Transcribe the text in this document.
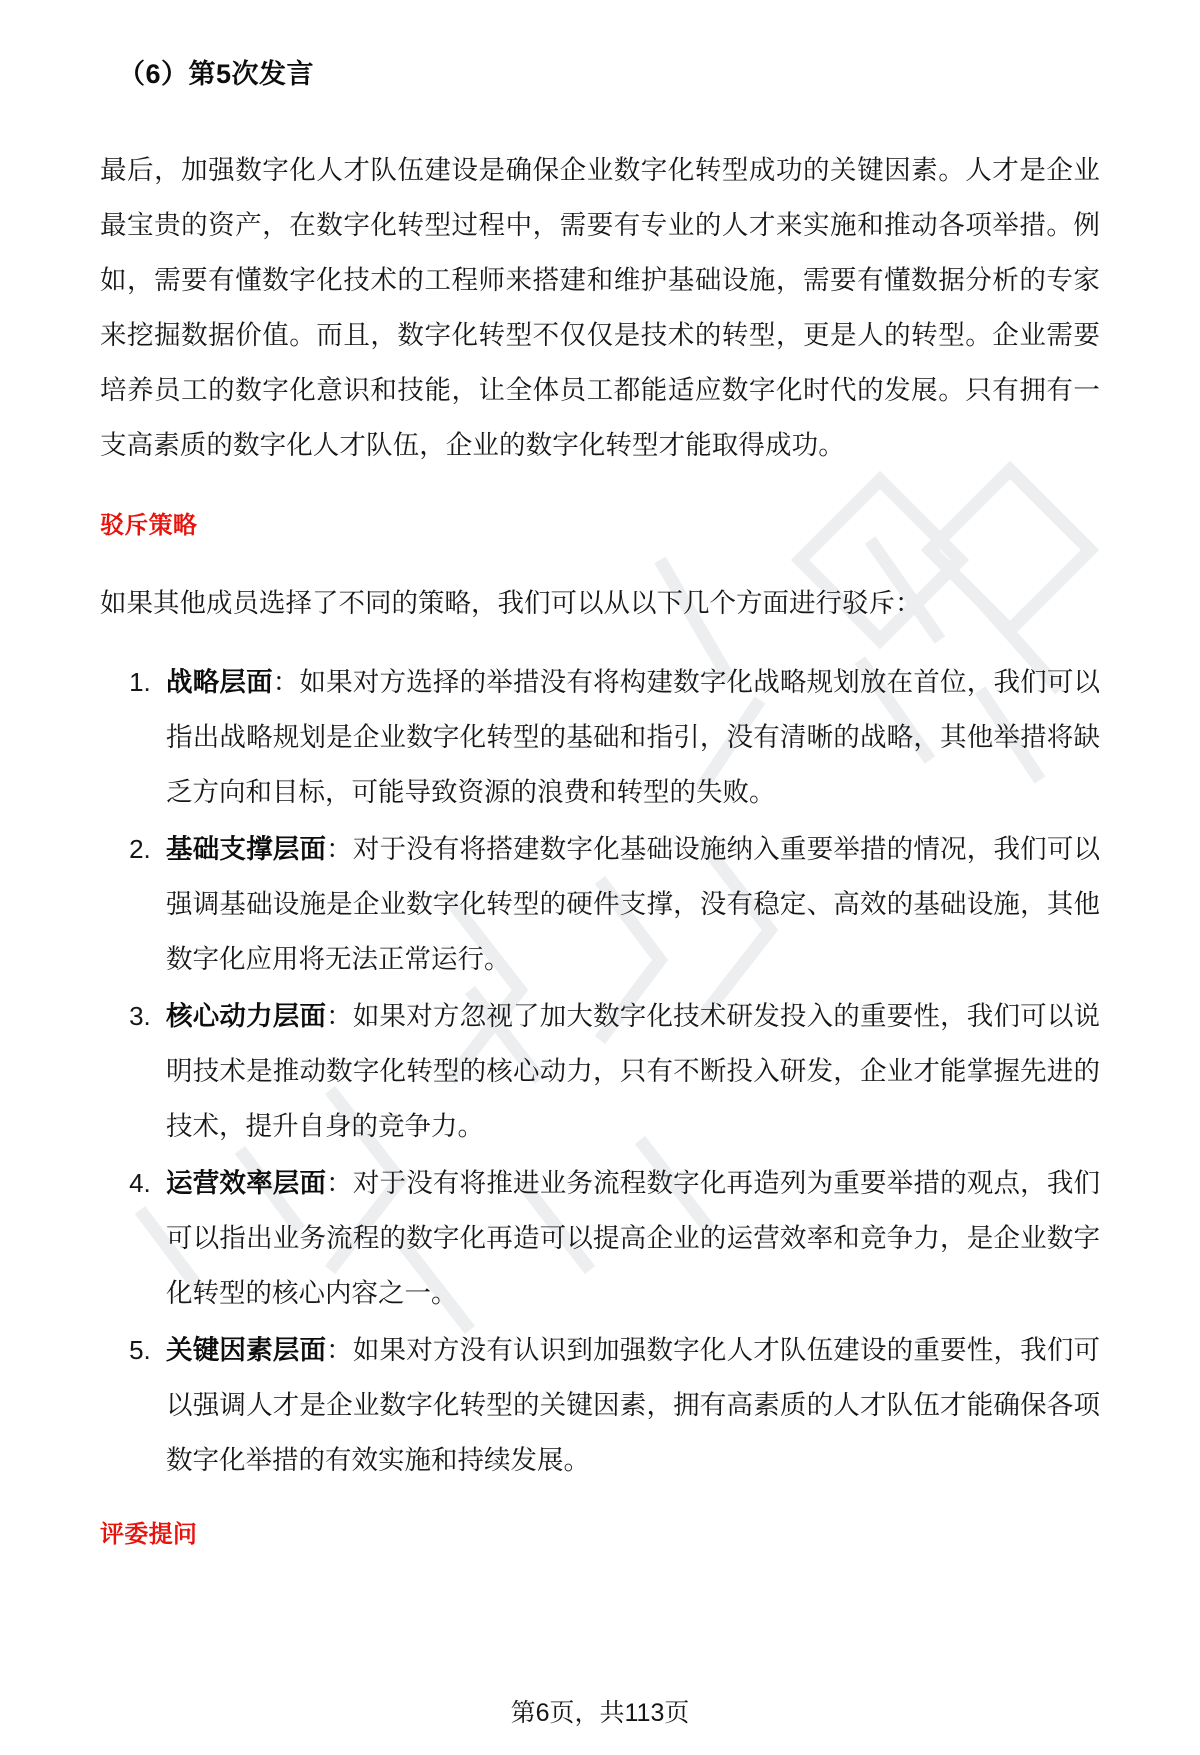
（6）第5次发言

最后，加强数字化人才队伍建设是确保企业数字化转型成功的关键因素。人才是企业最宝贵的资产，在数字化转型过程中，需要有专业的人才来实施和推动各项举措。例如，需要有懂数字化技术的工程师来搭建和维护基础设施，需要有懂数据分析的专家来挖掘数据价值。而且，数字化转型不仅仅是技术的转型，更是人的转型。企业需要培养员工的数字化意识和技能，让全体员工都能适应数字化时代的发展。只有拥有一支高素质的数字化人才队伍，企业的数字化转型才能取得成功。

驳斥策略

如果其他成员选择了不同的策略，我们可以从以下几个方面进行驳斥：

1. 战略层面：如果对方选择的举措没有将构建数字化战略规划放在首位，我们可以指出战略规划是企业数字化转型的基础和指引，没有清晰的战略，其他举措将缺乏方向和目标，可能导致资源的浪费和转型的失败。
2. 基础支撑层面：对于没有将搭建数字化基础设施纳入重要举措的情况，我们可以强调基础设施是企业数字化转型的硬件支撑，没有稳定、高效的基础设施，其他数字化应用将无法正常运行。
3. 核心动力层面：如果对方忽视了加大数字化技术研发投入的重要性，我们可以说明技术是推动数字化转型的核心动力，只有不断投入研发，企业才能掌握先进的技术，提升自身的竞争力。
4. 运营效率层面：对于没有将推进业务流程数字化再造列为重要举措的观点，我们可以指出业务流程的数字化再造可以提高企业的运营效率和竞争力，是企业数字化转型的核心内容之一。
5. 关键因素层面：如果对方没有认识到加强数字化人才队伍建设的重要性，我们可以强调人才是企业数字化转型的关键因素，拥有高素质的人才队伍才能确保各项数字化举措的有效实施和持续发展。
评委提问
第6页，共113页
